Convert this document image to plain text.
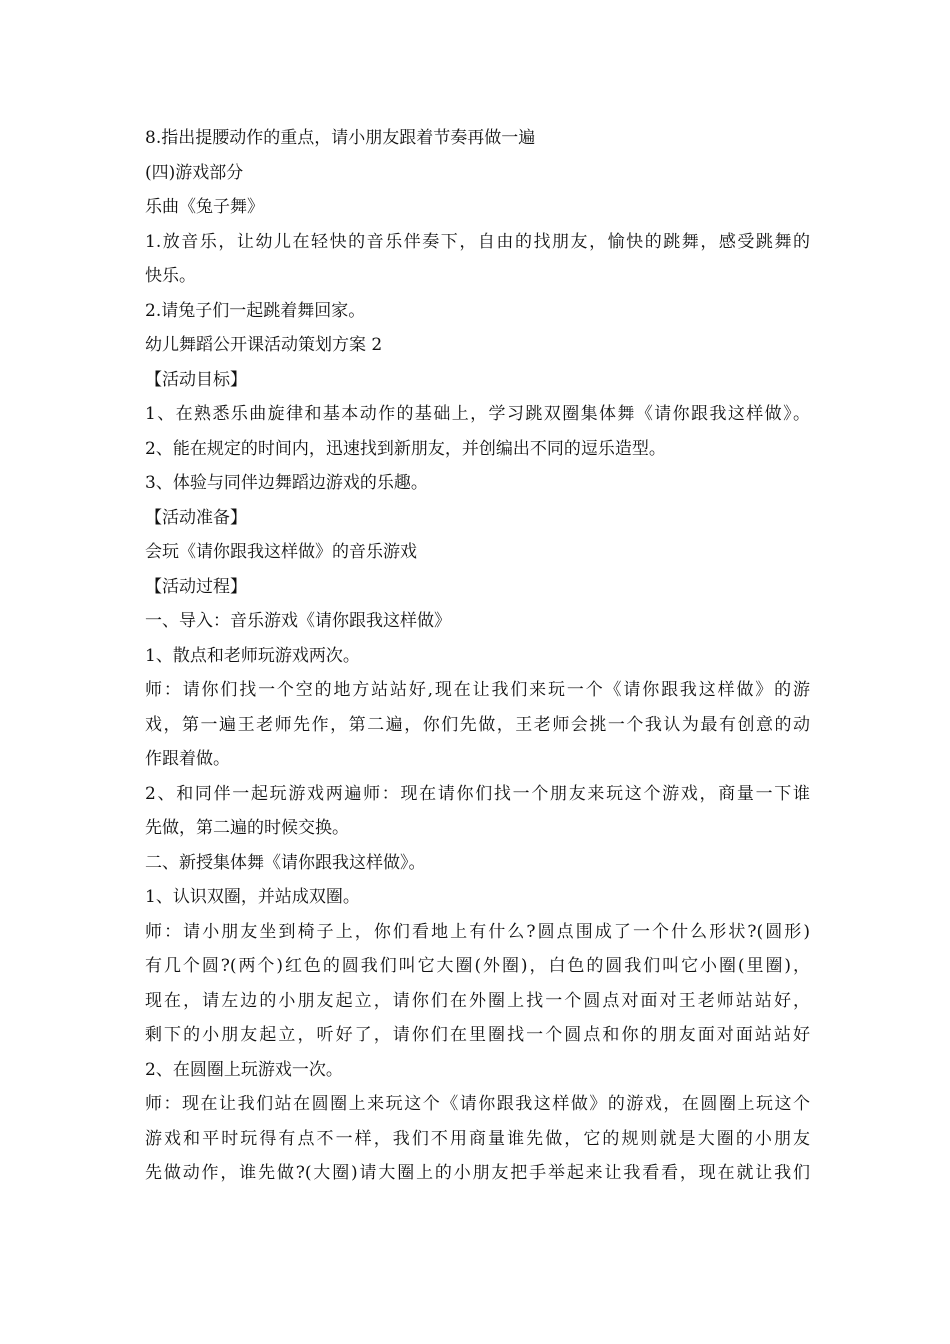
8.指出提腰动作的重点，请小朋友跟着节奏再做一遍
(四)游戏部分
乐曲《兔子舞》
1.放音乐，让幼儿在轻快的音乐伴奏下，自由的找朋友，愉快的跳舞，感受跳舞的
快乐。
2.请兔子们一起跳着舞回家。
幼儿舞蹈公开课活动策划方案 2
【活动目标】
1、在熟悉乐曲旋律和基本动作的基础上，学习跳双圈集体舞《请你跟我这样做》。
2、能在规定的时间内，迅速找到新朋友，并创编出不同的逗乐造型。
3、体验与同伴边舞蹈边游戏的乐趣。
【活动准备】
会玩《请你跟我这样做》的音乐游戏
【活动过程】
一、导入：音乐游戏《请你跟我这样做》
1、散点和老师玩游戏两次。
师：请你们找一个空的地方站站好,现在让我们来玩一个《请你跟我这样做》的游
戏，第一遍王老师先作，第二遍，你们先做，王老师会挑一个我认为最有创意的动
作跟着做。
2、和同伴一起玩游戏两遍师：现在请你们找一个朋友来玩这个游戏，商量一下谁
先做，第二遍的时候交换。
二、新授集体舞《请你跟我这样做》。
1、认识双圈，并站成双圈。
师：请小朋友坐到椅子上，你们看地上有什么?圆点围成了一个什么形状?(圆形)
有几个圆?(两个)红色的圆我们叫它大圈(外圈)，白色的圆我们叫它小圈(里圈)，
现在，请左边的小朋友起立，请你们在外圈上找一个圆点对面对王老师站站好，
剩下的小朋友起立，听好了，请你们在里圈找一个圆点和你的朋友面对面站站好
2、在圆圈上玩游戏一次。
师：现在让我们站在圆圈上来玩这个《请你跟我这样做》的游戏，在圆圈上玩这个
游戏和平时玩得有点不一样，我们不用商量谁先做，它的规则就是大圈的小朋友
先做动作，谁先做?(大圈)请大圈上的小朋友把手举起来让我看看，现在就让我们
